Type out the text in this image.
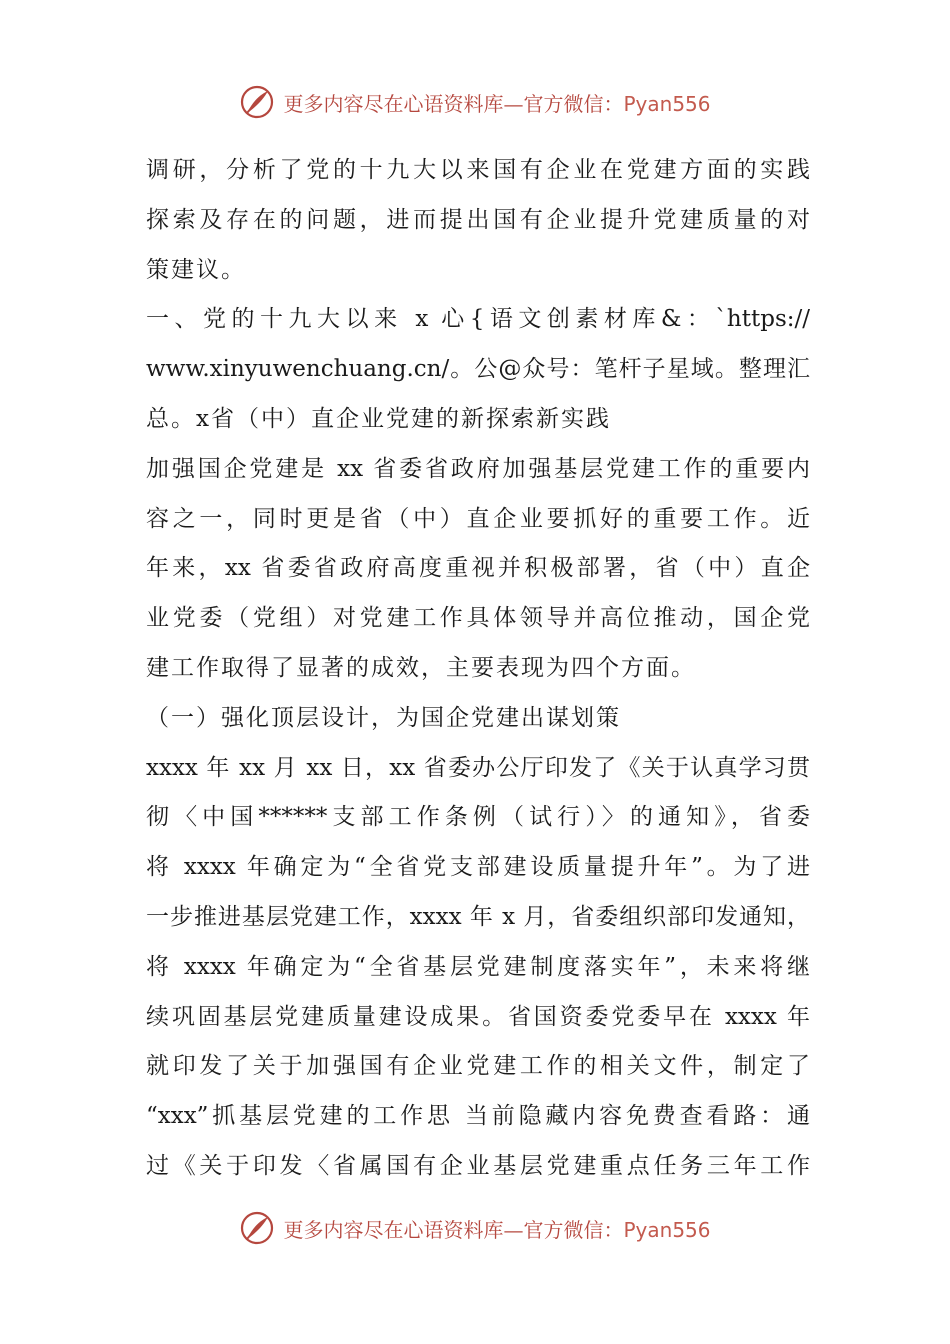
更多内容尽在心语资料库—官方微信：Pyan556
调研，分析了党的十九大以来国有企业在党建方面的实践
探索及存在的问题，进而提出国有企业提升党建质量的对
策建议。
一、党的十九大以来 x 心{语文创素材库&：`https://
www.xinyuwenchuang.cn/。公@众号：笔杆子星域。整理汇
总。x省（中）直企业党建的新探索新实践
加强国企党建是 xx 省委省政府加强基层党建工作的重要内
容之一，同时更是省（中）直企业要抓好的重要工作。近
年来，xx 省委省政府高度重视并积极部署，省（中）直企
业党委（党组）对党建工作具体领导并高位推动，国企党
建工作取得了显著的成效，主要表现为四个方面。
（一）强化顶层设计，为国企党建出谋划策
xxxx 年 xx 月 xx 日，xx 省委办公厅印发了《关于认真学习贯
彻〈中国******支部工作条例（试行）〉的通知》，省委
将 xxxx 年确定为“全省党支部建设质量提升年”。为了进
一步推进基层党建工作，xxxx 年 x 月，省委组织部印发通知，
将 xxxx 年确定为“全省基层党建制度落实年”，未来将继
续巩固基层党建质量建设成果。省国资委党委早在 xxxx 年
就印发了关于加强国有企业党建工作的相关文件，制定了
“xxx”抓基层党建的工作思 当前隐藏内容免费查看路：通
过《关于印发〈省属国有企业基层党建重点任务三年工作
更多内容尽在心语资料库—官方微信：Pyan556
